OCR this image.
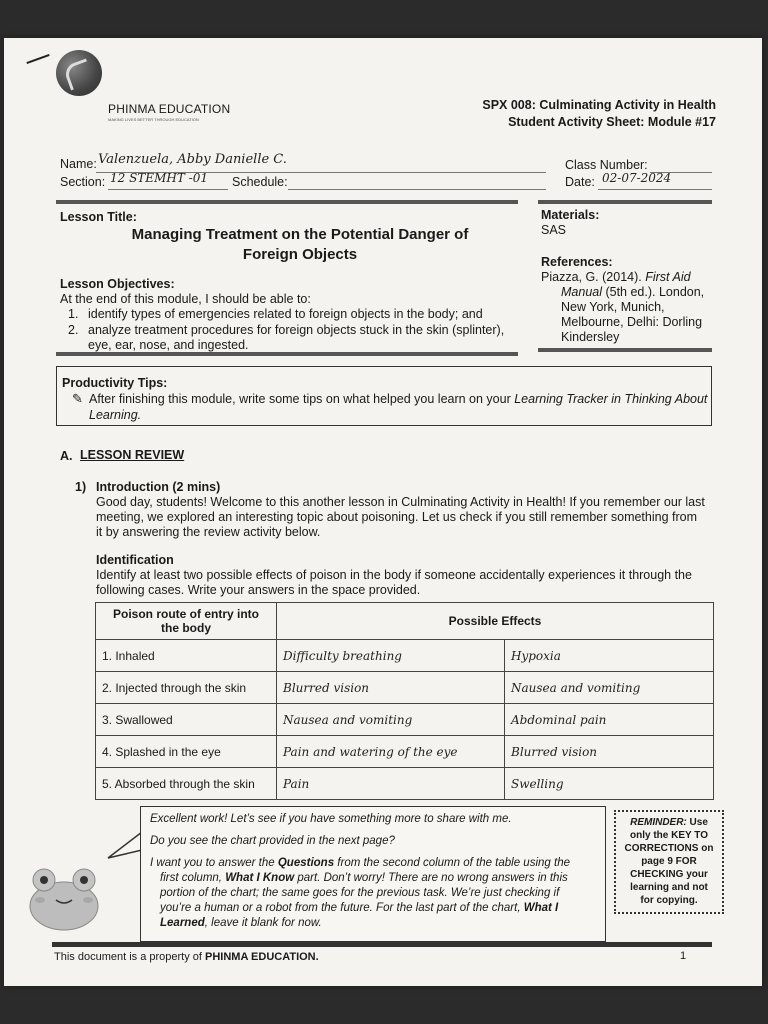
PHINMA EDUCATION
MAKING LIVES BETTER THROUGH EDUCATION
SPX 008: Culminating Activity in Health
Student Activity Sheet: Module #17
Name: Valenzuela, Abby Danielle C.
Section: 12 STEMHT -01 Schedule:
Class Number:
Date: 02-07-2024
Lesson Title:
Managing Treatment on the Potential Danger of
Foreign Objects
Lesson Objectives:
At the end of this module, I should be able to:
1. identify types of emergencies related to foreign objects in the body; and
2. analyze treatment procedures for foreign objects stuck in the skin (splinter),
eye, ear, nose, and ingested.
Materials:
SAS
References:
Piazza, G. (2014). First Aid
Manual (5th ed.). London,
New York, Munich,
Melbourne, Delhi: Dorling
Kindersley
Productivity Tips:
✎ After finishing this module, write some tips on what helped you learn on your Learning Tracker in Thinking About
Learning.
A. LESSON REVIEW
1) Introduction (2 mins)
Good day, students! Welcome to this another lesson in Culminating Activity in Health! If you remember our last
meeting, we explored an interesting topic about poisoning. Let us check if you still remember something from
it by answering the review activity below.
Identification
Identify at least two possible effects of poison in the body if someone accidentally experiences it through the
following cases. Write your answers in the space provided.
Poison route of entry into
the body	Possible Effects	
1. Inhaled	Difficulty breathing	Hypoxia
2. Injected through the skin	Blurred vision	Nausea and vomiting
3. Swallowed	Nausea and vomiting	Abdominal pain
4. Splashed in the eye	Pain and watering of the eye	Blurred vision
5. Absorbed through the skin	Pain	Swelling
Excellent work! Let’s see if you have something more to share with me.
Do you see the chart provided in the next page?
I want you to answer the Questions from the second column of the table using the
first column, What I Know part. Don’t worry! There are no wrong answers in this
portion of the chart; the same goes for the previous task. We’re just checking if
you’re a human or a robot from the future. For the last part of the chart, What I
Learned, leave it blank for now.
REMINDER: Use
only the KEY TO
CORRECTIONS on
page 9 FOR
CHECKING your
learning and not
for copying.
This document is a property of PHINMA EDUCATION.	1
